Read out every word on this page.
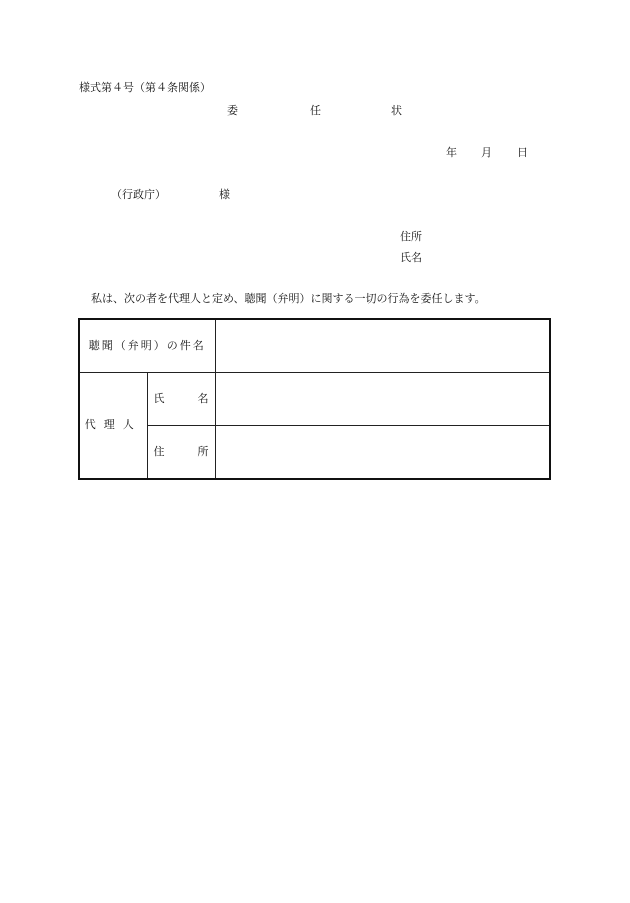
様式第４号（第４条関係）
委	任	状
年 月 日
（行政庁）	様
住所
氏名
私は、次の者を代理人と定め、聴聞（弁明）に関する一切の行為を委任します。
聴聞（弁明）の件名		
代理人	氏 名	

	住 所	
